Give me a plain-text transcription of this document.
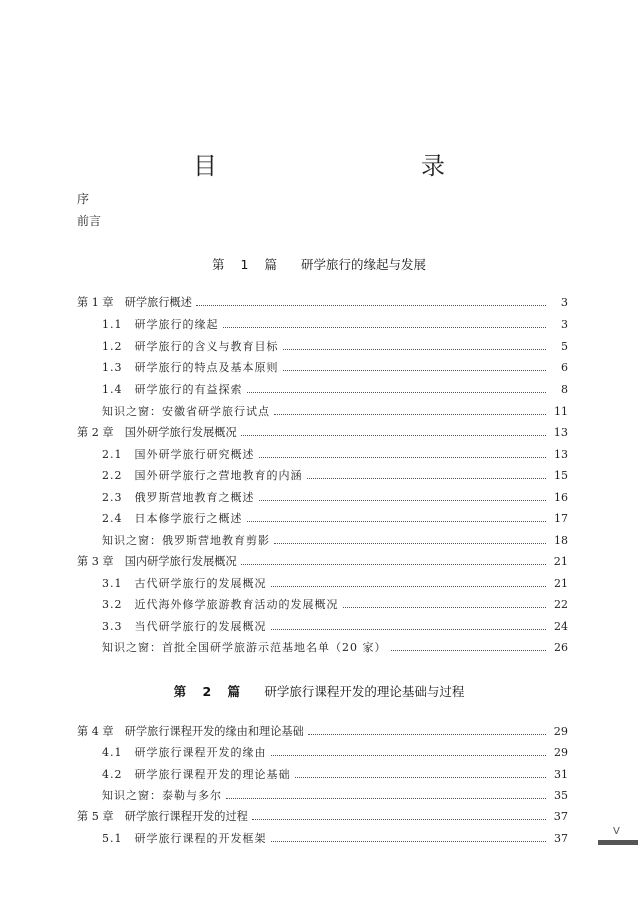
目　　录
序
前言
第 1 篇 研学旅行的缘起与发展
第 2 篇 研学旅行课程开发的理论基础与过程
第 1 章　研学旅行概述	3
1.1　研学旅行的缘起	3
1.2　研学旅行的含义与教育目标	5
1.3　研学旅行的特点及基本原则	6
1.4　研学旅行的有益探索	8
知识之窗：安徽省研学旅行试点	11
第 2 章　国外研学旅行发展概况	13
2.1　国外研学旅行研究概述	13
2.2　国外研学旅行之营地教育的内涵	15
2.3　俄罗斯营地教育之概述	16
2.4　日本修学旅行之概述	17
知识之窗：俄罗斯营地教育剪影	18
第 3 章　国内研学旅行发展概况	21
3.1　古代研学旅行的发展概况	21
3.2　近代海外修学旅游教育活动的发展概况	22
3.3　当代研学旅行的发展概况	24
知识之窗：首批全国研学旅游示范基地名单（20 家）	26
第 4 章　研学旅行课程开发的缘由和理论基础	29
4.1　研学旅行课程开发的缘由	29
4.2　研学旅行课程开发的理论基础	31
知识之窗：泰勒与多尔	35
第 5 章　研学旅行课程开发的过程	37
5.1　研学旅行课程的开发框架	37
V
